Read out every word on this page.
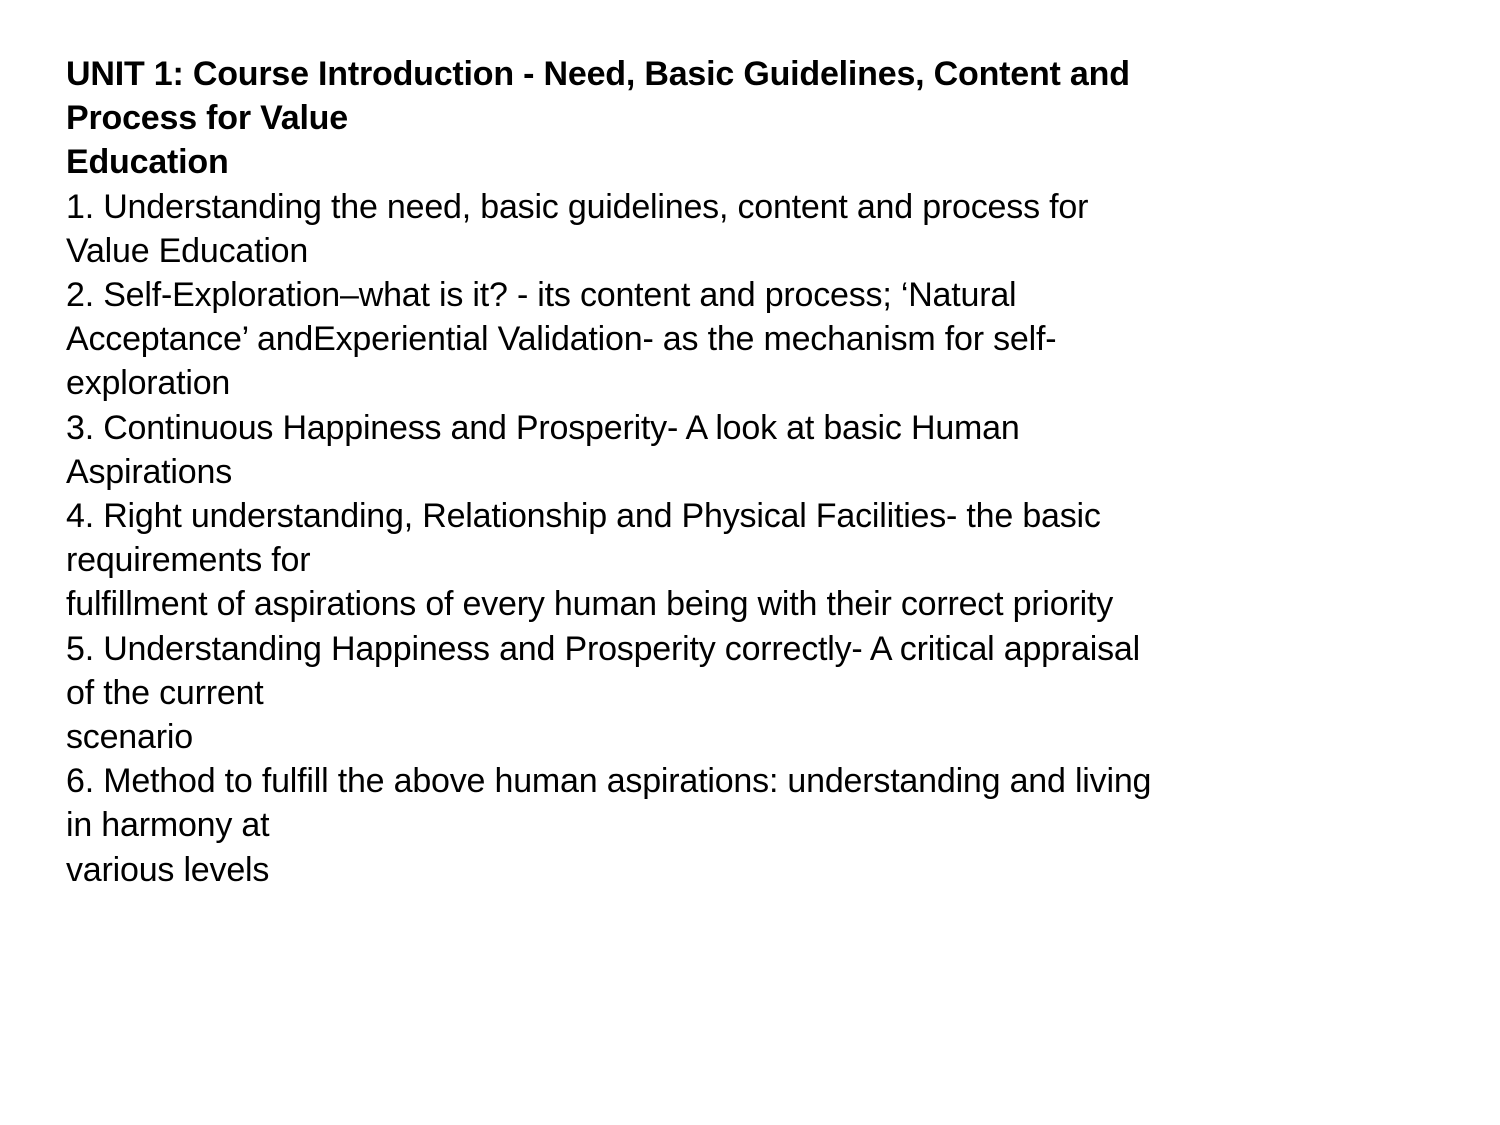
UNIT 1: Course Introduction - Need, Basic Guidelines, Content and
Process for Value
Education
1. Understanding the need, basic guidelines, content and process for
Value Education
2. Self-Exploration–what is it? - its content and process; ‘Natural
Acceptance’ andExperiential Validation- as the mechanism for self-
exploration
3. Continuous Happiness and Prosperity- A look at basic Human
Aspirations
4. Right understanding, Relationship and Physical Facilities- the basic
requirements for
fulfillment of aspirations of every human being with their correct priority
5. Understanding Happiness and Prosperity correctly- A critical appraisal
of the current
scenario
6. Method to fulfill the above human aspirations: understanding and living
in harmony at
various levels
